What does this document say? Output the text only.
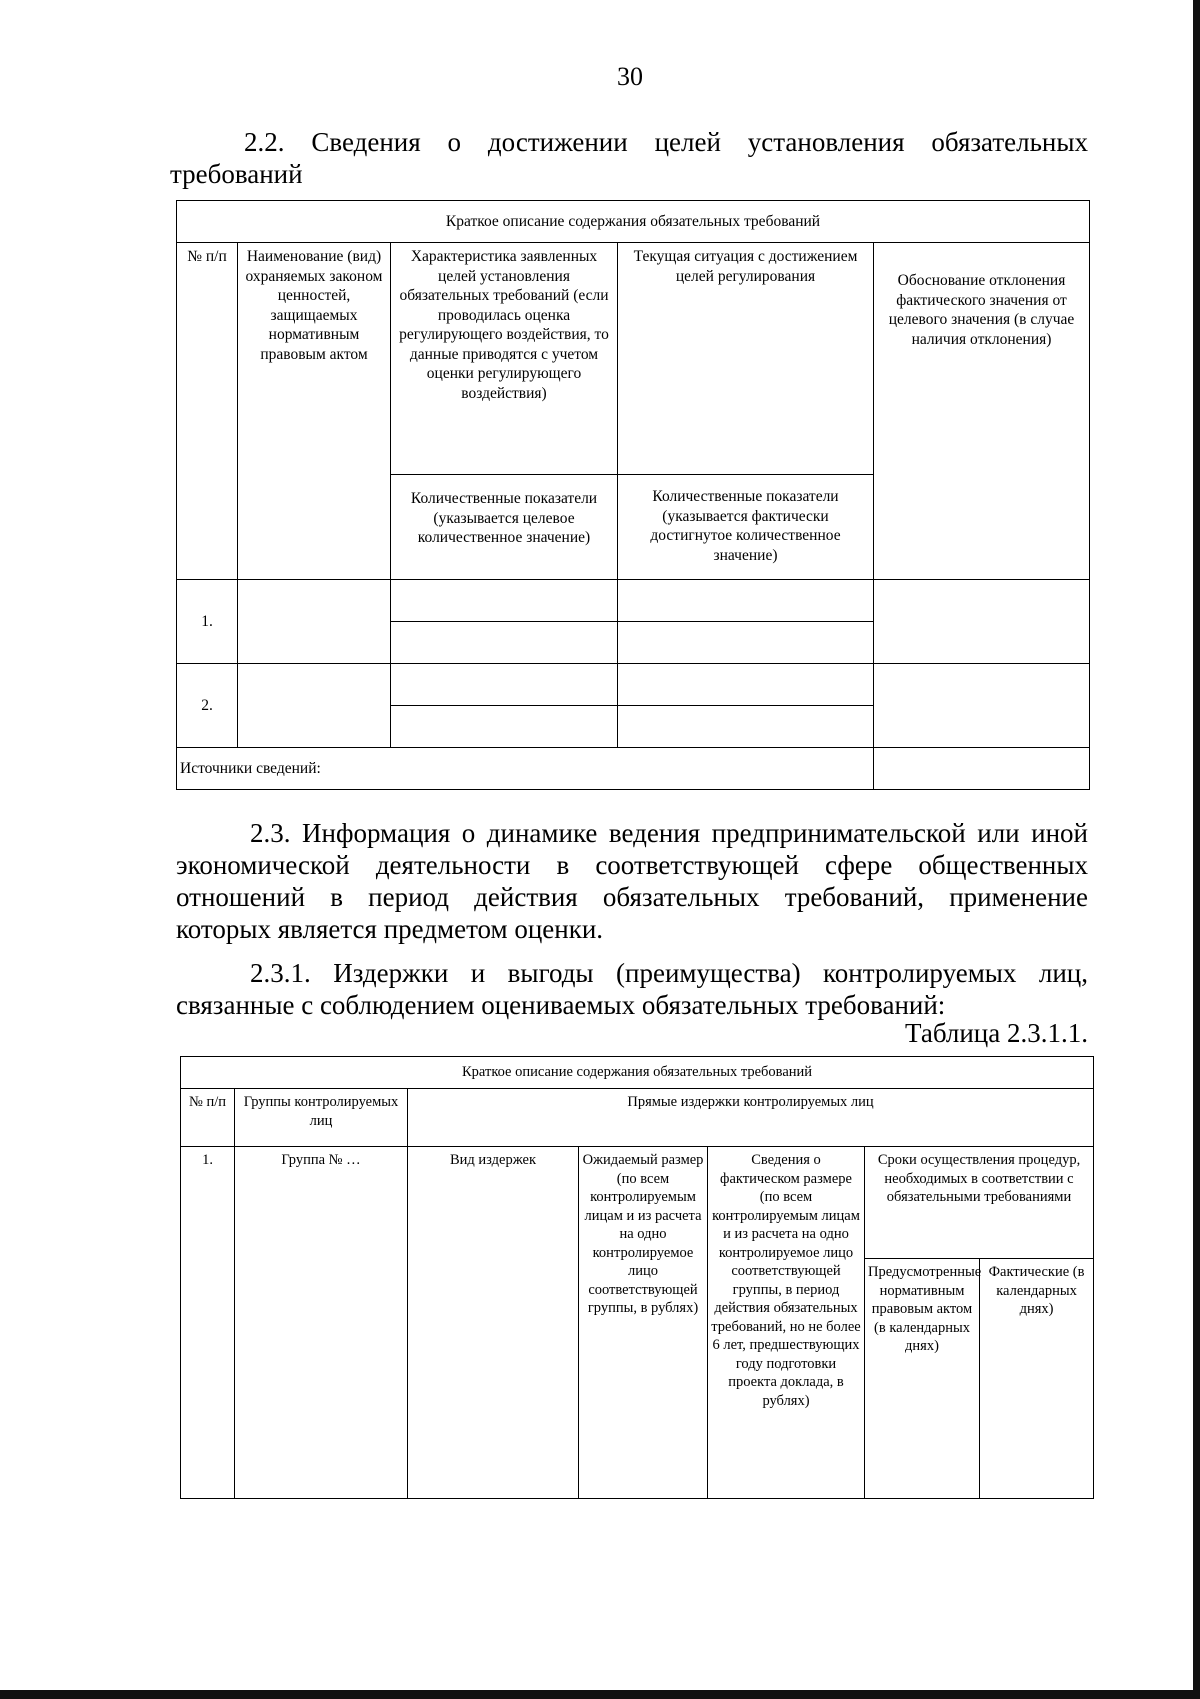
30
2.2. Сведения о достижении целей установления обязательных
требований
Краткое описание содержания обязательных требований				
№ п/п	Наименование (вид) охраняемых законом ценностей, защищаемых нормативным правовым актом	Характеристика заявленных целей установления обязательных требований (если проводилась оценка регулирующего воздействия, то данные приводятся с учетом оценки регулирующего воздействия)	Текущая ситуация с достижением целей регулирования	Обоснование отклонения фактического значения от целевого значения (в случае наличия отклонения)
		Количественные показатели (указывается целевое количественное значение)	Количественные показатели (указывается фактически достигнутое количественное значение)	
1.				

2.				

Источники сведений:				
2.3. Информация о динамике ведения предпринимательской или иной
экономической деятельности в соответствующей сфере общественных
отношений в период действия обязательных требований, применение
которых является предметом оценки.
2.3.1. Издержки и выгоды (преимущества) контролируемых лиц,
связанные с соблюдением оцениваемых обязательных требований:
Таблица 2.3.1.1.
Краткое описание содержания обязательных требований						
№ п/п	Группы контролируемых лиц	Прямые издержки контролируемых лиц				
1.	Группа № …	Вид издержек	Ожидаемый размер (по всем контролируемым лицам и из расчета на одно контролируемое лицо соответствующей группы, в рублях)	Сведения о фактическом размере (по всем контролируемым лицам и из расчета на одно контролируемое лицо соответствующей группы, в период действия обязательных требований, но не более 6 лет, предшествующих году подготовки проекта доклада, в рублях)	Сроки осуществления процедур, необходимых в соответствии с обязательными требованиями	
					Предусмотренные нормативным правовым актом (в календарных днях)	Фактические (в календарных днях)
